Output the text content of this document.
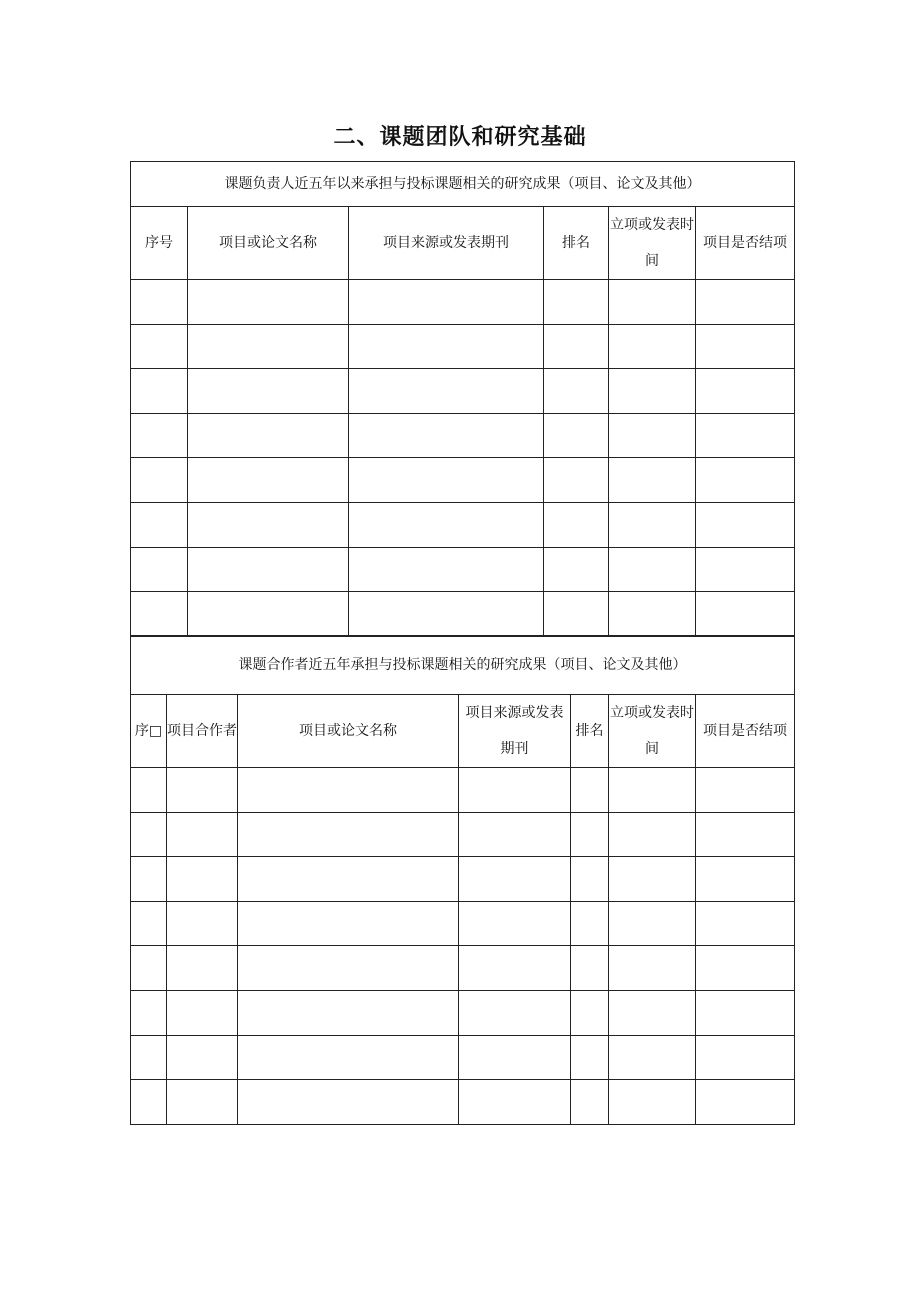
二、课题团队和研究基础
课题负责人近五年以来承担与投标课题相关的研究成果（项目、论文及其他）					
序号	项目或论文名称	项目来源或发表期刊	排名	立项或发表时间	项目是否结项

课题合作者近五年承担与投标课题相关的研究成果（项目、论文及其他）						
序□	项目合作者	项目或论文名称	项目来源或发表期刊	排名	立项或发表时间	项目是否结项
